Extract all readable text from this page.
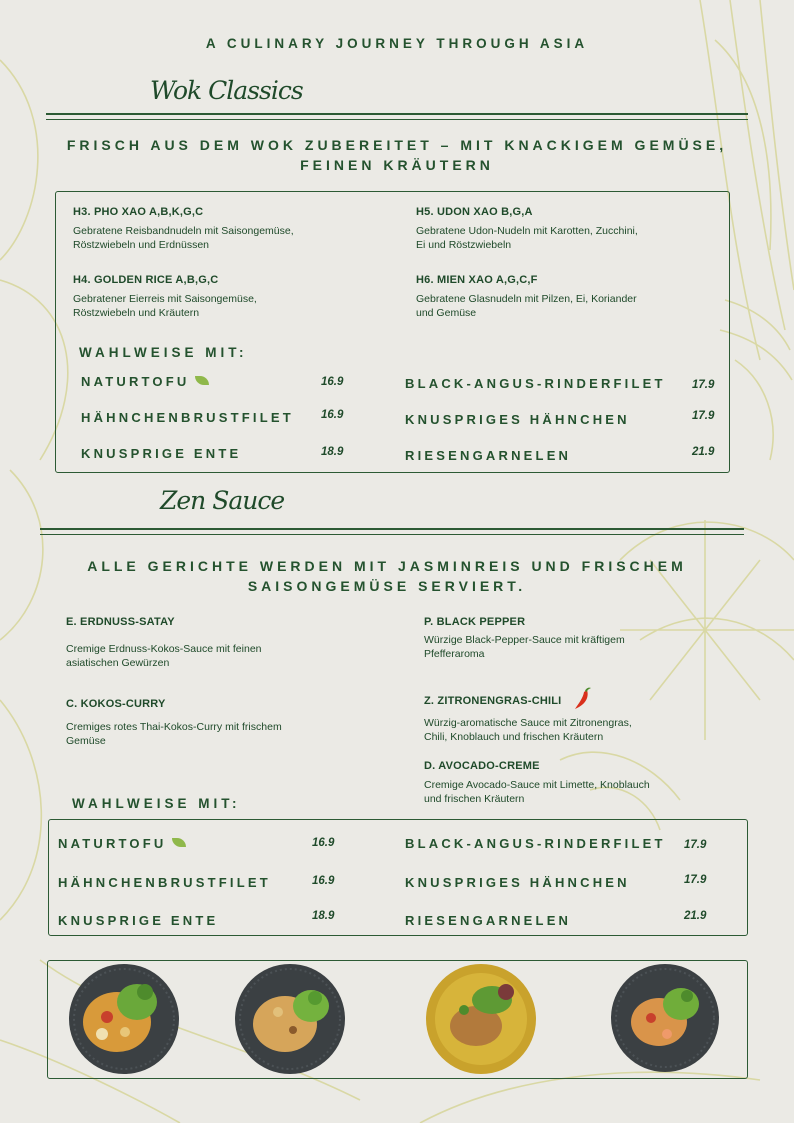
A CULINARY JOURNEY THROUGH ASIA
Wok Classics
FRISCH AUS DEM WOK ZUBEREITET – MIT KNACKIGEM GEMÜSE,
FEINEN KRÄUTERN
H3. PHO XAO A,B,K,G,C
Gebratene Reisbandnudeln mit Saisongemüse,
Röstzwiebeln und Erdnüssen
H5. UDON XAO B,G,A
Gebratene Udon-Nudeln mit Karotten, Zucchini,
Ei und Röstzwiebeln
H4. GOLDEN RICE A,B,G,C
Gebratener Eierreis mit Saisongemüse,
Röstzwiebeln und Kräutern
H6. MIEN XAO A,G,C,F
Gebratene Glasnudeln mit Pilzen, Ei, Koriander
und Gemüse
WAHLWEISE MIT:
NATURTOFU	16.9
HÄHNCHENBRUSTFILET 16.9
KNUSPRIGE ENTE	18.9
BLACK-ANGUS-RINDERFILET 17.9
KNUSPRIGES HÄHNCHEN	17.9
RIESENGARNELEN	21.9
Zen Sauce
ALLE GERICHTE WERDEN MIT JASMINREIS UND FRISCHEM
SAISONGEMÜSE SERVIERT.
E. ERDNUSS-SATAY
Cremige Erdnuss-Kokos-Sauce mit feinen
asiatischen Gewürzen
C. KOKOS-CURRY
Cremiges rotes Thai-Kokos-Curry mit frischem
Gemüse
P. BLACK PEPPER
Würzige Black-Pepper-Sauce mit kräftigem
Pfefferaroma
Z. ZITRONENGRAS-CHILI
Würzig-aromatische Sauce mit Zitronengras,
Chili, Knoblauch und frischen Kräutern
D. AVOCADO-CREME
Cremige Avocado-Sauce mit Limette, Knoblauch
und frischen Kräutern
WAHLWEISE MIT:
NATURTOFU	16.9
HÄHNCHENBRUSTFILET	16.9
KNUSPRIGE ENTE	18.9
BLACK-ANGUS-RINDERFILET 17.9
KNUSPRIGES HÄHNCHEN	17.9
RIESENGARNELEN	21.9
